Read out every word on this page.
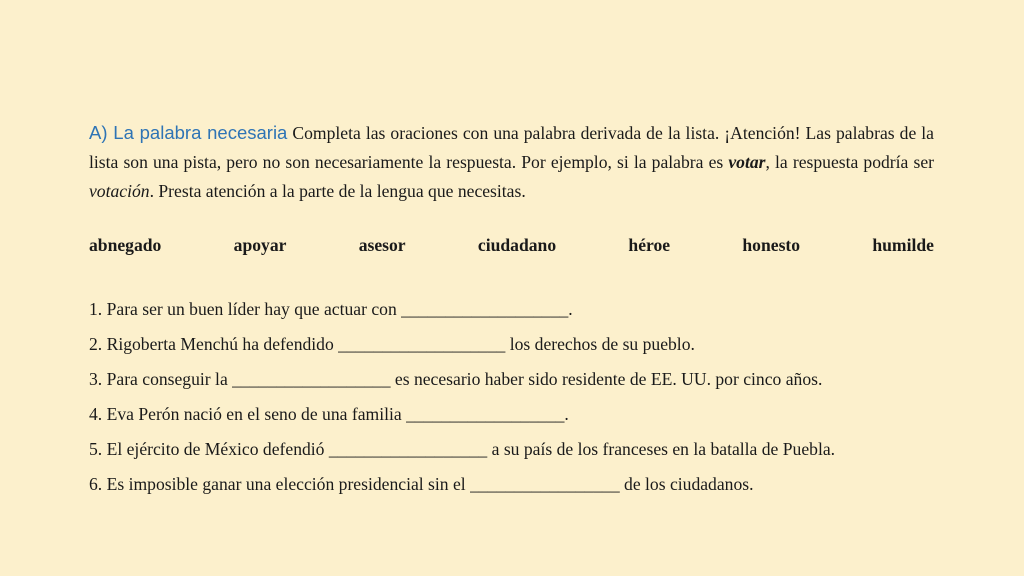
A) La palabra necesaria Completa las oraciones con una palabra derivada de la lista. ¡Atención! Las palabras de la lista son una pista, pero no son necesariamente la respuesta. Por ejemplo, si la palabra es votar, la respuesta podría ser votación. Presta atención a la parte de la lengua que necesitas.

abnegado	apoyar	asesor	ciudadano	héroe	honesto	humilde
1. Para ser un buen líder hay que actuar con ___________________.
2. Rigoberta Menchú ha defendido ___________________ los derechos de su pueblo.
3. Para conseguir la __________________ es necesario haber sido residente de EE. UU. por cinco años.
4. Eva Perón nació en el seno de una familia __________________.
5. El ejército de México defendió __________________ a su país de los franceses en la batalla de Puebla.
6. Es imposible ganar una elección presidencial sin el _________________ de los ciudadanos.
